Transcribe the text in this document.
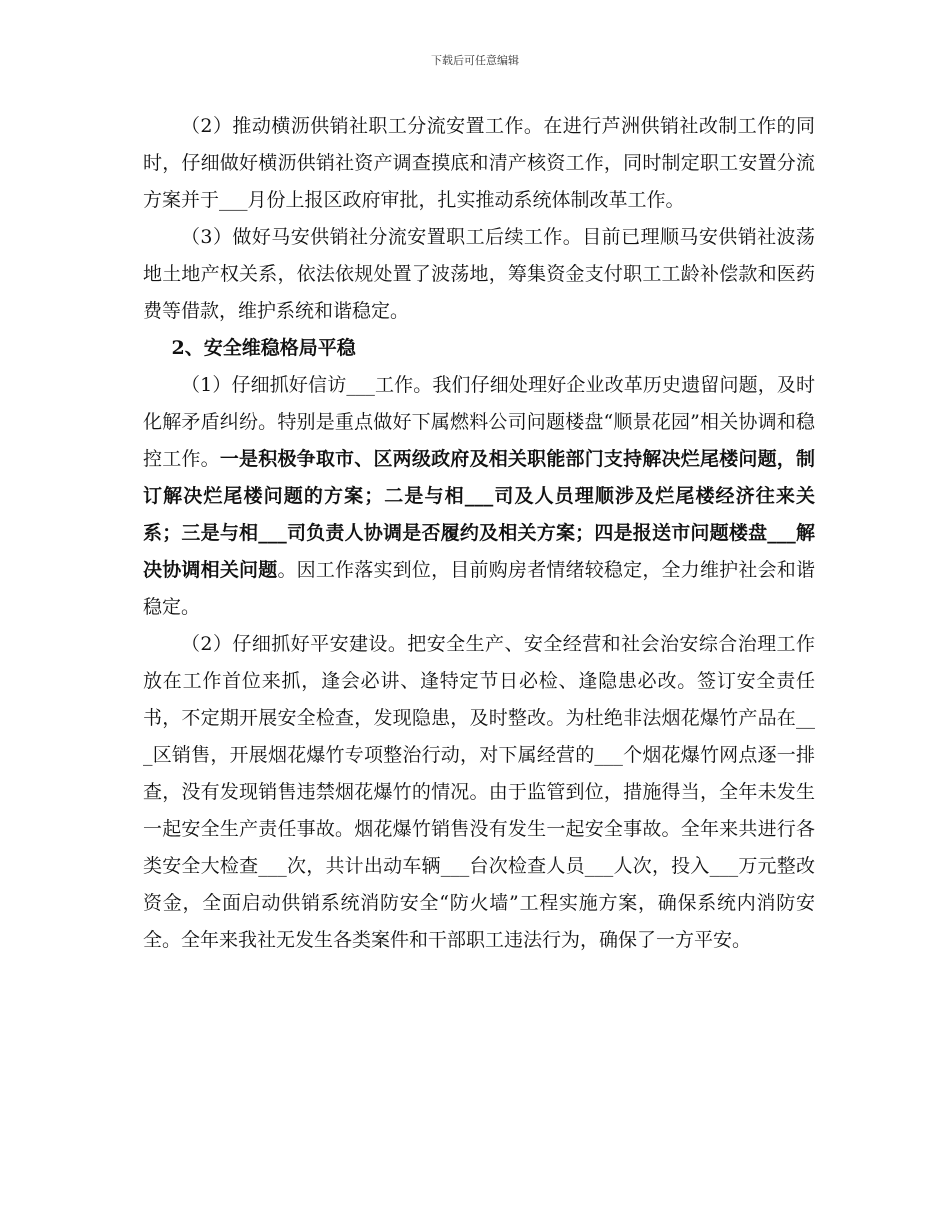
下载后可任意编辑

（2）推动横沥供销社职工分流安置工作。在进行芦洲供销社改制工作的同时，仔细做好横沥供销社资产调查摸底和清产核资工作，同时制定职工安置分流方案并于___月份上报区政府审批，扎实推动系统体制改革工作。

（3）做好马安供销社分流安置职工后续工作。目前已理顺马安供销社波荡地土地产权关系，依法依规处置了波荡地，筹集资金支付职工工龄补偿款和医药费等借款，维护系统和谐稳定。

2、安全维稳格局平稳

（1）仔细抓好信访___工作。我们仔细处理好企业改革历史遗留问题，及时化解矛盾纠纷。特别是重点做好下属燃料公司问题楼盘“顺景花园”相关协调和稳控工作。一是积极争取市、区两级政府及相关职能部门支持解决烂尾楼问题，制订解决烂尾楼问题的方案；二是与相___司及人员理顺涉及烂尾楼经济往来关系；三是与相___司负责人协调是否履约及相关方案；四是报送市问题楼盘___解决协调相关问题。因工作落实到位，目前购房者情绪较稳定，全力维护社会和谐稳定。

（2）仔细抓好平安建设。把安全生产、安全经营和社会治安综合治理工作放在工作首位来抓，逢会必讲、逢特定节日必检、逢隐患必改。签订安全责任书，不定期开展安全检查，发现隐患，及时整改。为杜绝非法烟花爆竹产品在___区销售，开展烟花爆竹专项整治行动，对下属经营的___个烟花爆竹网点逐一排查，没有发现销售违禁烟花爆竹的情况。由于监管到位，措施得当，全年未发生一起安全生产责任事故。烟花爆竹销售没有发生一起安全事故。全年来共进行各类安全大检查___次，共计出动车辆___台次检查人员___人次，投入___万元整改资金，全面启动供销系统消防安全“防火墙”工程实施方案，确保系统内消防安全。全年来我社无发生各类案件和干部职工违法行为，确保了一方平安。
